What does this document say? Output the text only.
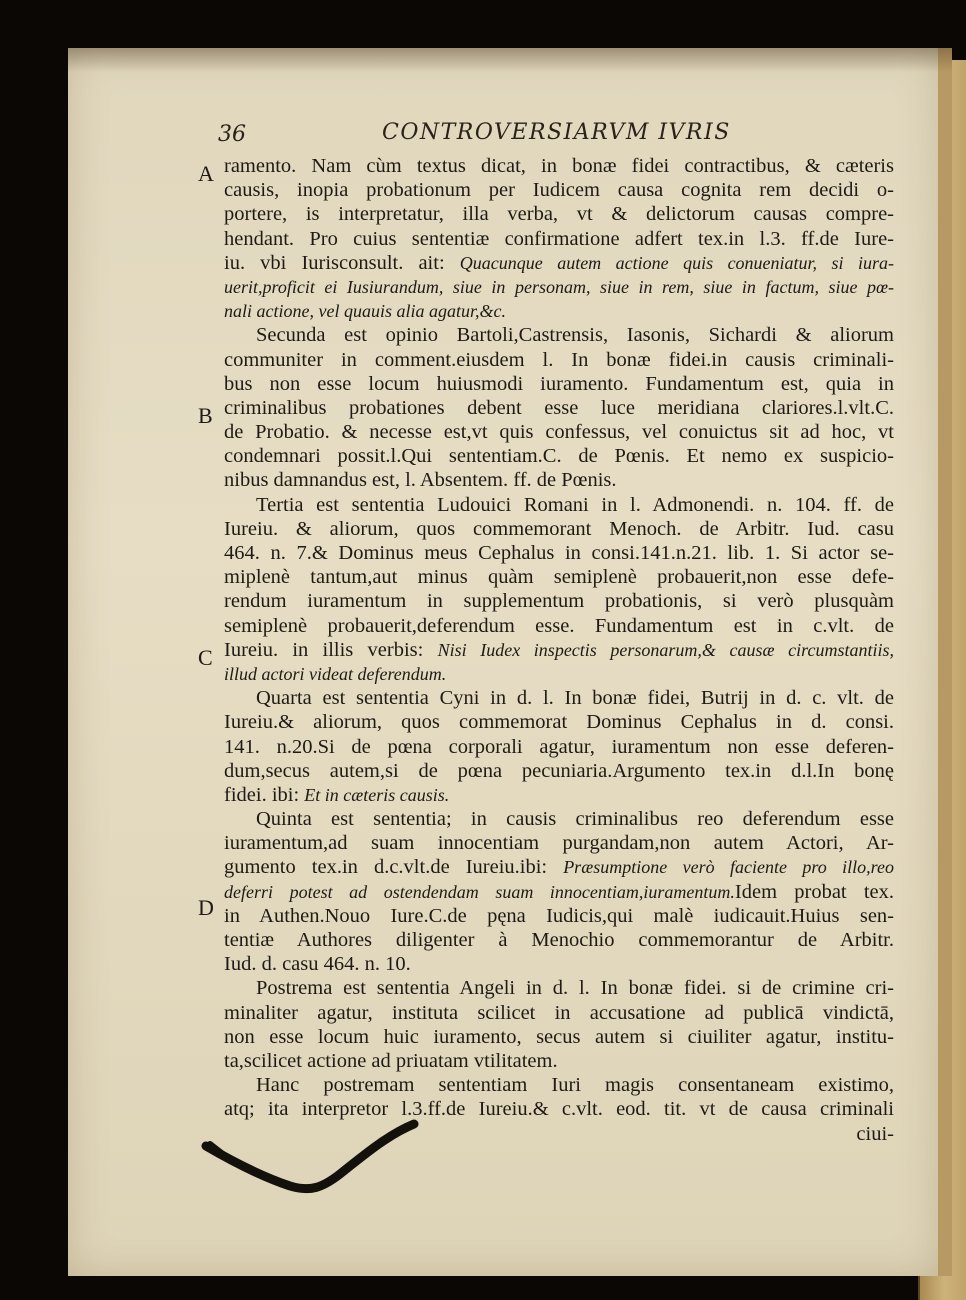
36	CONTROVERSIARVM IVRIS
A
B
C
D
ramento. Nam cùm textus dicat, in bonæ fidei contractibus, & cæteris
causis, inopia probationum per Iudicem causa cognita rem decidi o-
portere, is interpretatur, illa verba, vt & delictorum causas compre-
hendant. Pro cuius sententiæ confirmatione adfert tex.in l.3. ff.de Iure-
iu. vbi Iurisconsult. ait: Quacunque autem actione quis conueniatur, si iura-
uerit,proficit ei Iusiurandum, siue in personam, siue in rem, siue in factum, siue pœ-
nali actione, vel quauis alia agatur,&c.
Secunda est opinio Bartoli,Castrensis, Iasonis, Sichardi & aliorum
communiter in comment.eiusdem l. In bonæ fidei.in causis criminali-
bus non esse locum huiusmodi iuramento. Fundamentum est, quia in
criminalibus probationes debent esse luce meridiana clariores.l.vlt.C.
de Probatio. & necesse est,vt quis confessus, vel conuictus sit ad hoc, vt
condemnari possit.l.Qui sententiam.C. de Pœnis. Et nemo ex suspicio-
nibus damnandus est, l. Absentem. ff. de Pœnis.
Tertia est sententia Ludouici Romani in l. Admonendi. n. 104. ff. de
Iureiu. & aliorum, quos commemorant Menoch. de Arbitr. Iud. casu
464. n. 7.& Dominus meus Cephalus in consi.141.n.21. lib. 1. Si actor se-
miplenè tantum,aut minus quàm semiplenè probauerit,non esse defe-
rendum iuramentum in supplementum probationis, si verò plusquàm
semiplenè probauerit,deferendum esse. Fundamentum est in c.vlt. de
Iureiu. in illis verbis: Nisi Iudex inspectis personarum,& causæ circumstantiis,
illud actori videat deferendum.
Quarta est sententia Cyni in d. l. In bonæ fidei, Butrij in d. c. vlt. de
Iureiu.& aliorum, quos commemorat Dominus Cephalus in d. consi.
141. n.20.Si de pœna corporali agatur, iuramentum non esse deferen-
dum,secus autem,si de pœna pecuniaria.Argumento tex.in d.l.In bonę
fidei. ibi: Et in cæteris causis.
Quinta est sententia; in causis criminalibus reo deferendum esse
iuramentum,ad suam innocentiam purgandam,non autem Actori, Ar-
gumento tex.in d.c.vlt.de Iureiu.ibi: Præsumptione verò faciente pro illo,reo
deferri potest ad ostendendam suam innocentiam,iuramentum.Idem probat tex.
in Authen.Nouo Iure.C.de pęna Iudicis,qui malè iudicauit.Huius sen-
tentiæ Authores diligenter à Menochio commemorantur de Arbitr.
Iud. d. casu 464. n. 10.
Postrema est sententia Angeli in d. l. In bonæ fidei. si de crimine cri-
minaliter agatur, instituta scilicet in accusatione ad publicā vindictā,
non esse locum huic iuramento, secus autem si ciuiliter agatur, institu-
ta,scilicet actione ad priuatam vtilitatem.
Hanc postremam sententiam Iuri magis consentaneam existimo,
atq; ita interpretor l.3.ff.de Iureiu.& c.vlt. eod. tit. vt de causa criminali
ciui-
